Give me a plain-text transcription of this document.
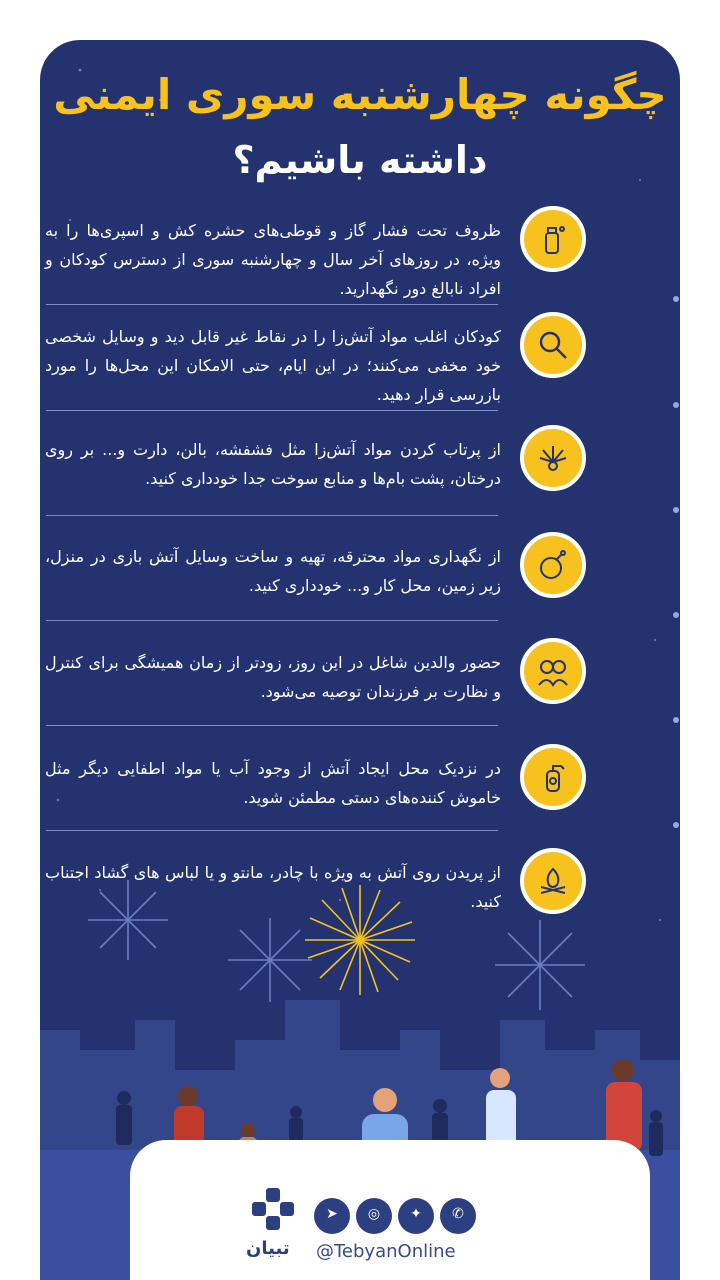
چگونه چهارشنبه سوری ایمنی
داشته باشیم؟
ظروف تحت فشار گاز و قوطی‌های حشره کش و اسپری‌ها را به ویژه، در روزهای آخر سال و چهارشنبه سوری از دسترس کودکان و افراد نابالغ دور نگهدارید.
کودکان اغلب مواد آتش‌زا را در نقاط غیر قابل دید و وسایل شخصی خود مخفی می‌کنند؛ در این ایام، حتی الامکان این محل‌ها را مورد بازرسی قرار دهید.
از پرتاب کردن مواد آتش‌زا مثل فشفشه، بالن، دارت و... بر روی درختان، پشت بام‌ها و منابع سوخت جدا خودداری کنید.
از نگهداری مواد محترقه، تهیه و ساخت وسایل آتش بازی در منزل، زیر زمین، محل کار و... خودداری کنید.
حضور والدین شاغل در این روز، زودتر از زمان همیشگی برای کنترل و نظارت بر فرزندان توصیه می‌شود.
در نزدیک محل ایجاد آتش از وجود آب یا مواد اطفایی دیگر مثل خاموش کننده‌های دستی مطمئن شوید.
از پریدن روی آتش به ویژه با چادر، مانتو و یا لباس های گشاد اجتناب کنید.
تبیان
➤	◎	✦	✆
@TebyanOnline
